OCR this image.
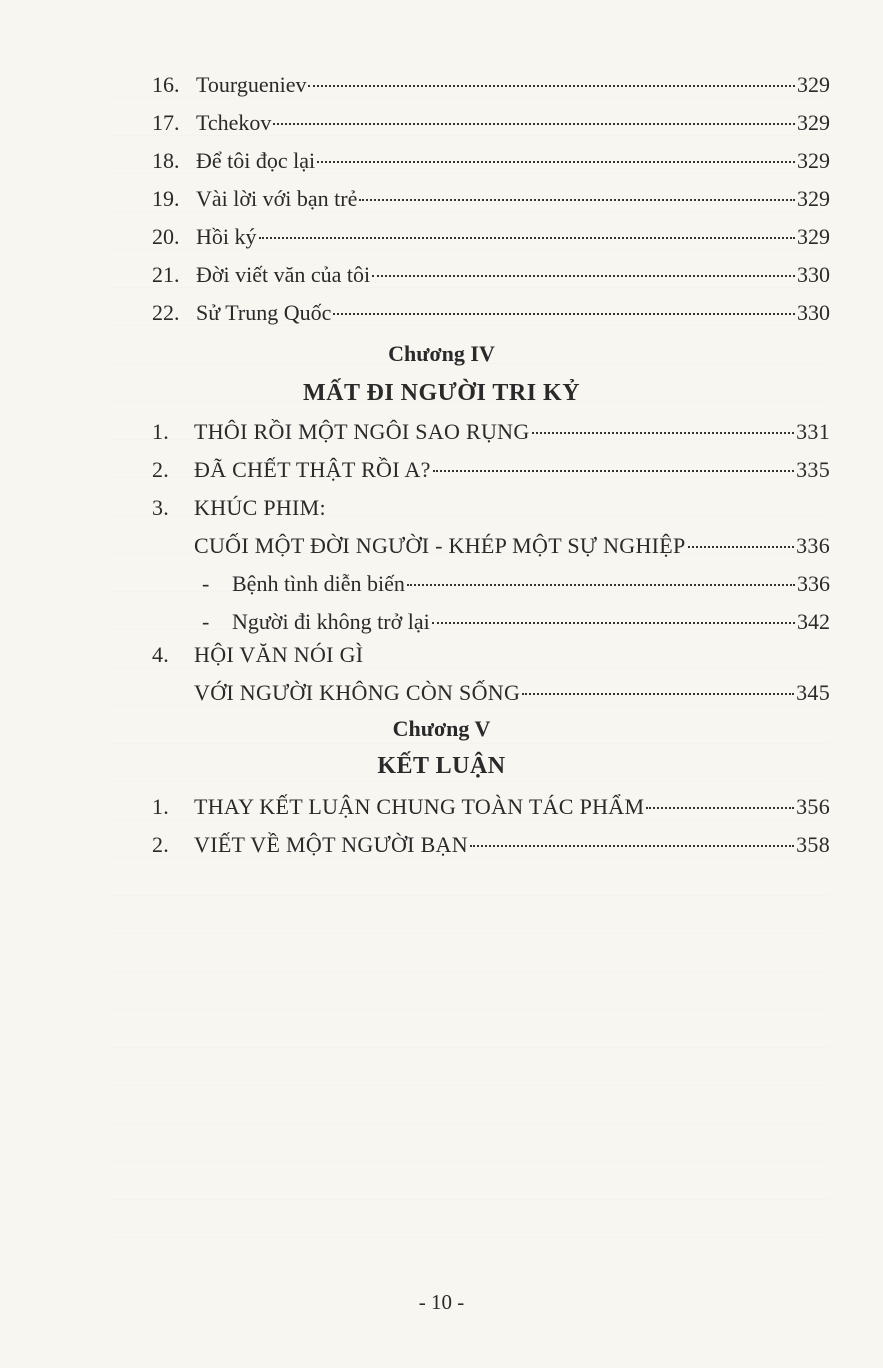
16. Tourgueniev	329
17. Tchekov	329
18. Để tôi đọc lại	329
19. Vài lời với bạn trẻ	329
20. Hồi ký	329
21. Đời viết văn của tôi	330
22. Sử Trung Quốc	330
Chương IV
MẤT ĐI NGƯỜI TRI KỶ
1.	THÔI RỒI MỘT NGÔI SAO RỤNG	331
2.	ĐÃ CHẾT THẬT RỒI A?	335
3. KHÚC PHIM:
CUỐI MỘT ĐỜI NGƯỜI - KHÉP MỘT SỰ NGHIỆP	336
-	Bệnh tình diễn biến	336
-	Người đi không trở lại	342
4. HỘI VĂN NÓI GÌ
VỚI NGƯỜI KHÔNG CÒN SỐNG	345
Chương V
KẾT LUẬN
1.	THAY KẾT LUẬN CHUNG TOÀN TÁC PHẨM	356
2.	VIẾT VỀ MỘT NGƯỜI BẠN	358
- 10 -
